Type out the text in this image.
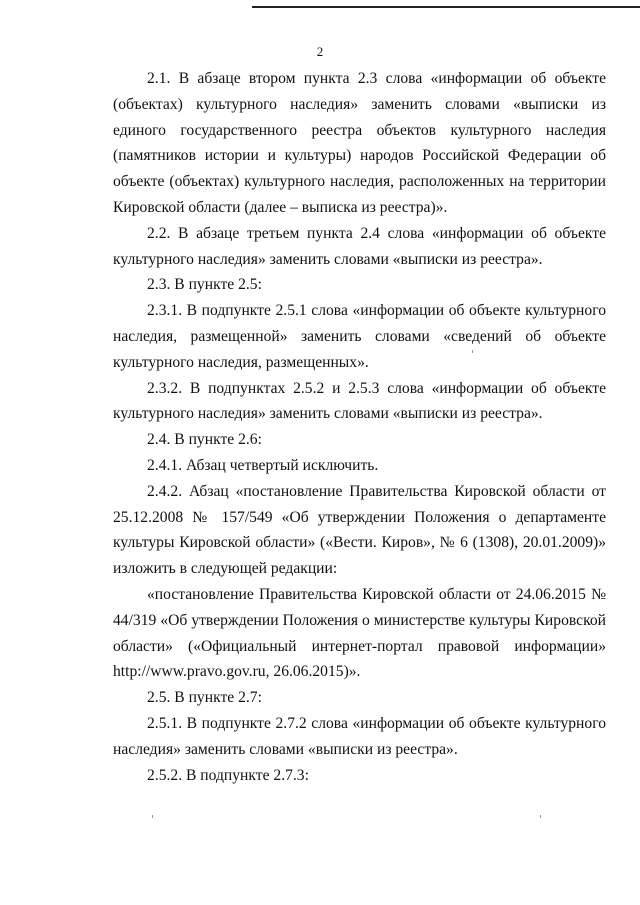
2

2.1. В абзаце втором пункта 2.3 слова «информации об объекте (объектах) культурного наследия» заменить словами «выписки из единого государственного реестра объектов культурного наследия (памятников истории и культуры) народов Российской Федерации об объекте (объектах) культурного наследия, расположенных на территории Кировской области (далее – выписка из реестра)».

2.2. В абзаце третьем пункта 2.4 слова «информации об объекте культурного наследия» заменить словами «выписки из реестра».

2.3. В пункте 2.5:

2.3.1. В подпункте 2.5.1 слова «информации об объекте культурного наследия, размещенной» заменить словами «сведений об объекте культурного наследия, размещенных».

2.3.2. В подпунктах 2.5.2 и 2.5.3 слова «информации об объекте культурного наследия» заменить словами «выписки из реестра».

2.4. В пункте 2.6:

2.4.1. Абзац четвертый исключить.

2.4.2. Абзац «постановление Правительства Кировской области от 25.12.2008 № 157/549 «Об утверждении Положения о департаменте культуры Кировской области» («Вести. Киров», № 6 (1308), 20.01.2009)» изложить в следующей редакции:

«постановление Правительства Кировской области от 24.06.2015 № 44/319 «Об утверждении Положения о министерстве культуры Кировской области» («Официальный интернет-портал правовой информации» http://www.pravo.gov.ru, 26.06.2015)».

2.5. В пункте 2.7:

2.5.1. В подпункте 2.7.2 слова «информации об объекте культурного наследия» заменить словами «выписки из реестра».

2.5.2. В подпункте 2.7.3:
